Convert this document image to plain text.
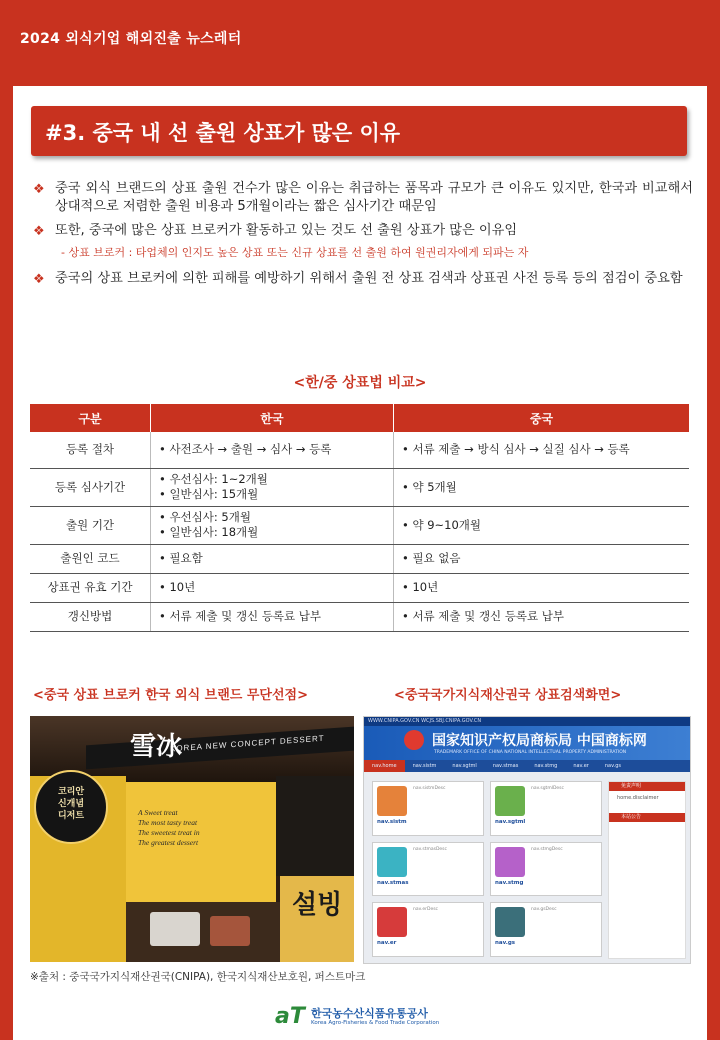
2024 외식기업 해외진출 뉴스레터
#3. 중국 내 선 출원 상표가 많은 이유
❖ 중국 외식 브랜드의 상표 출원 건수가 많은 이유는 취급하는 품목과 규모가 큰 이유도 있지만, 한국과 비교해서 상대적으로 저렴한 출원 비용과 5개월이라는 짧은 심사기간 때문임
❖ 또한, 중국에 많은 상표 브로커가 활동하고 있는 것도 선 출원 상표가 많은 이유임
- 상표 브로커 : 타업체의 인지도 높은 상표 또는 신규 상표를 선 출원 하여 원권리자에게 되파는 자
❖ 중국의 상표 브로커에 의한 피해를 예방하기 위해서 출원 전 상표 검색과 상표권 사전 등록 등의 점검이 중요함
<한/중 상표법 비교>
구분	한국	중국
등록 절차	• 사전조사 → 출원 → 심사 → 등록	• 서류 제출 → 방식 심사 → 실질 심사 → 등록

등록 심사기간	• 우선심사: 1~2개월
• 일반심사: 15개월	• 약 5개월

출원 기간	• 우선심사: 5개월
• 일반심사: 18개월	• 약 9~10개월

출원인 코드	• 필요함	• 필요 없음

상표권 유효 기간	• 10년	• 10년

갱신방법	• 서류 제출 및 갱신 등록료 납부	• 서류 제출 및 갱신 등록료 납부
<중국 상표 브로커 한국 외식 브랜드 무단선점>	<중국국가지식재산권국 상표검색화면>
KOREA NEW CONCEPT DESSERT
雪冰
코리안
신개념
디저트	A Sweet treat
The most tasty treat
The sweetest treat in
The greatest dessert
설빙
WWW.CNIPA.GOV.CN WCJS.SBJ.CNIPA.GOV.CN
国家知识产权局商标局 中国商标网
TRADEMARK OFFICE OF CHINA NATIONAL INTELLECTUAL PROPERTY ADMINISTRATION
nav.home	nav.sistm	nav.sgtml	nav.stmas	nav.stmg	nav.er	nav.gs
nav.sistm
nav.sistmDesc
nav.sgtml
nav.sgtmlDesc
nav.stmas
nav.stmasDesc
nav.stmg
nav.stmgDesc
nav.er
nav.erDesc
nav.gs
nav.gsDesc
免责声明
home.disclaimer
本站公告
※출처 : 중국국가지식재산권국(CNIPA), 한국지식재산보호원, 퍼스트마크
aT 한국농수산식품유통공사
Korea Agro-Fisheries & Food Trade Corporation
